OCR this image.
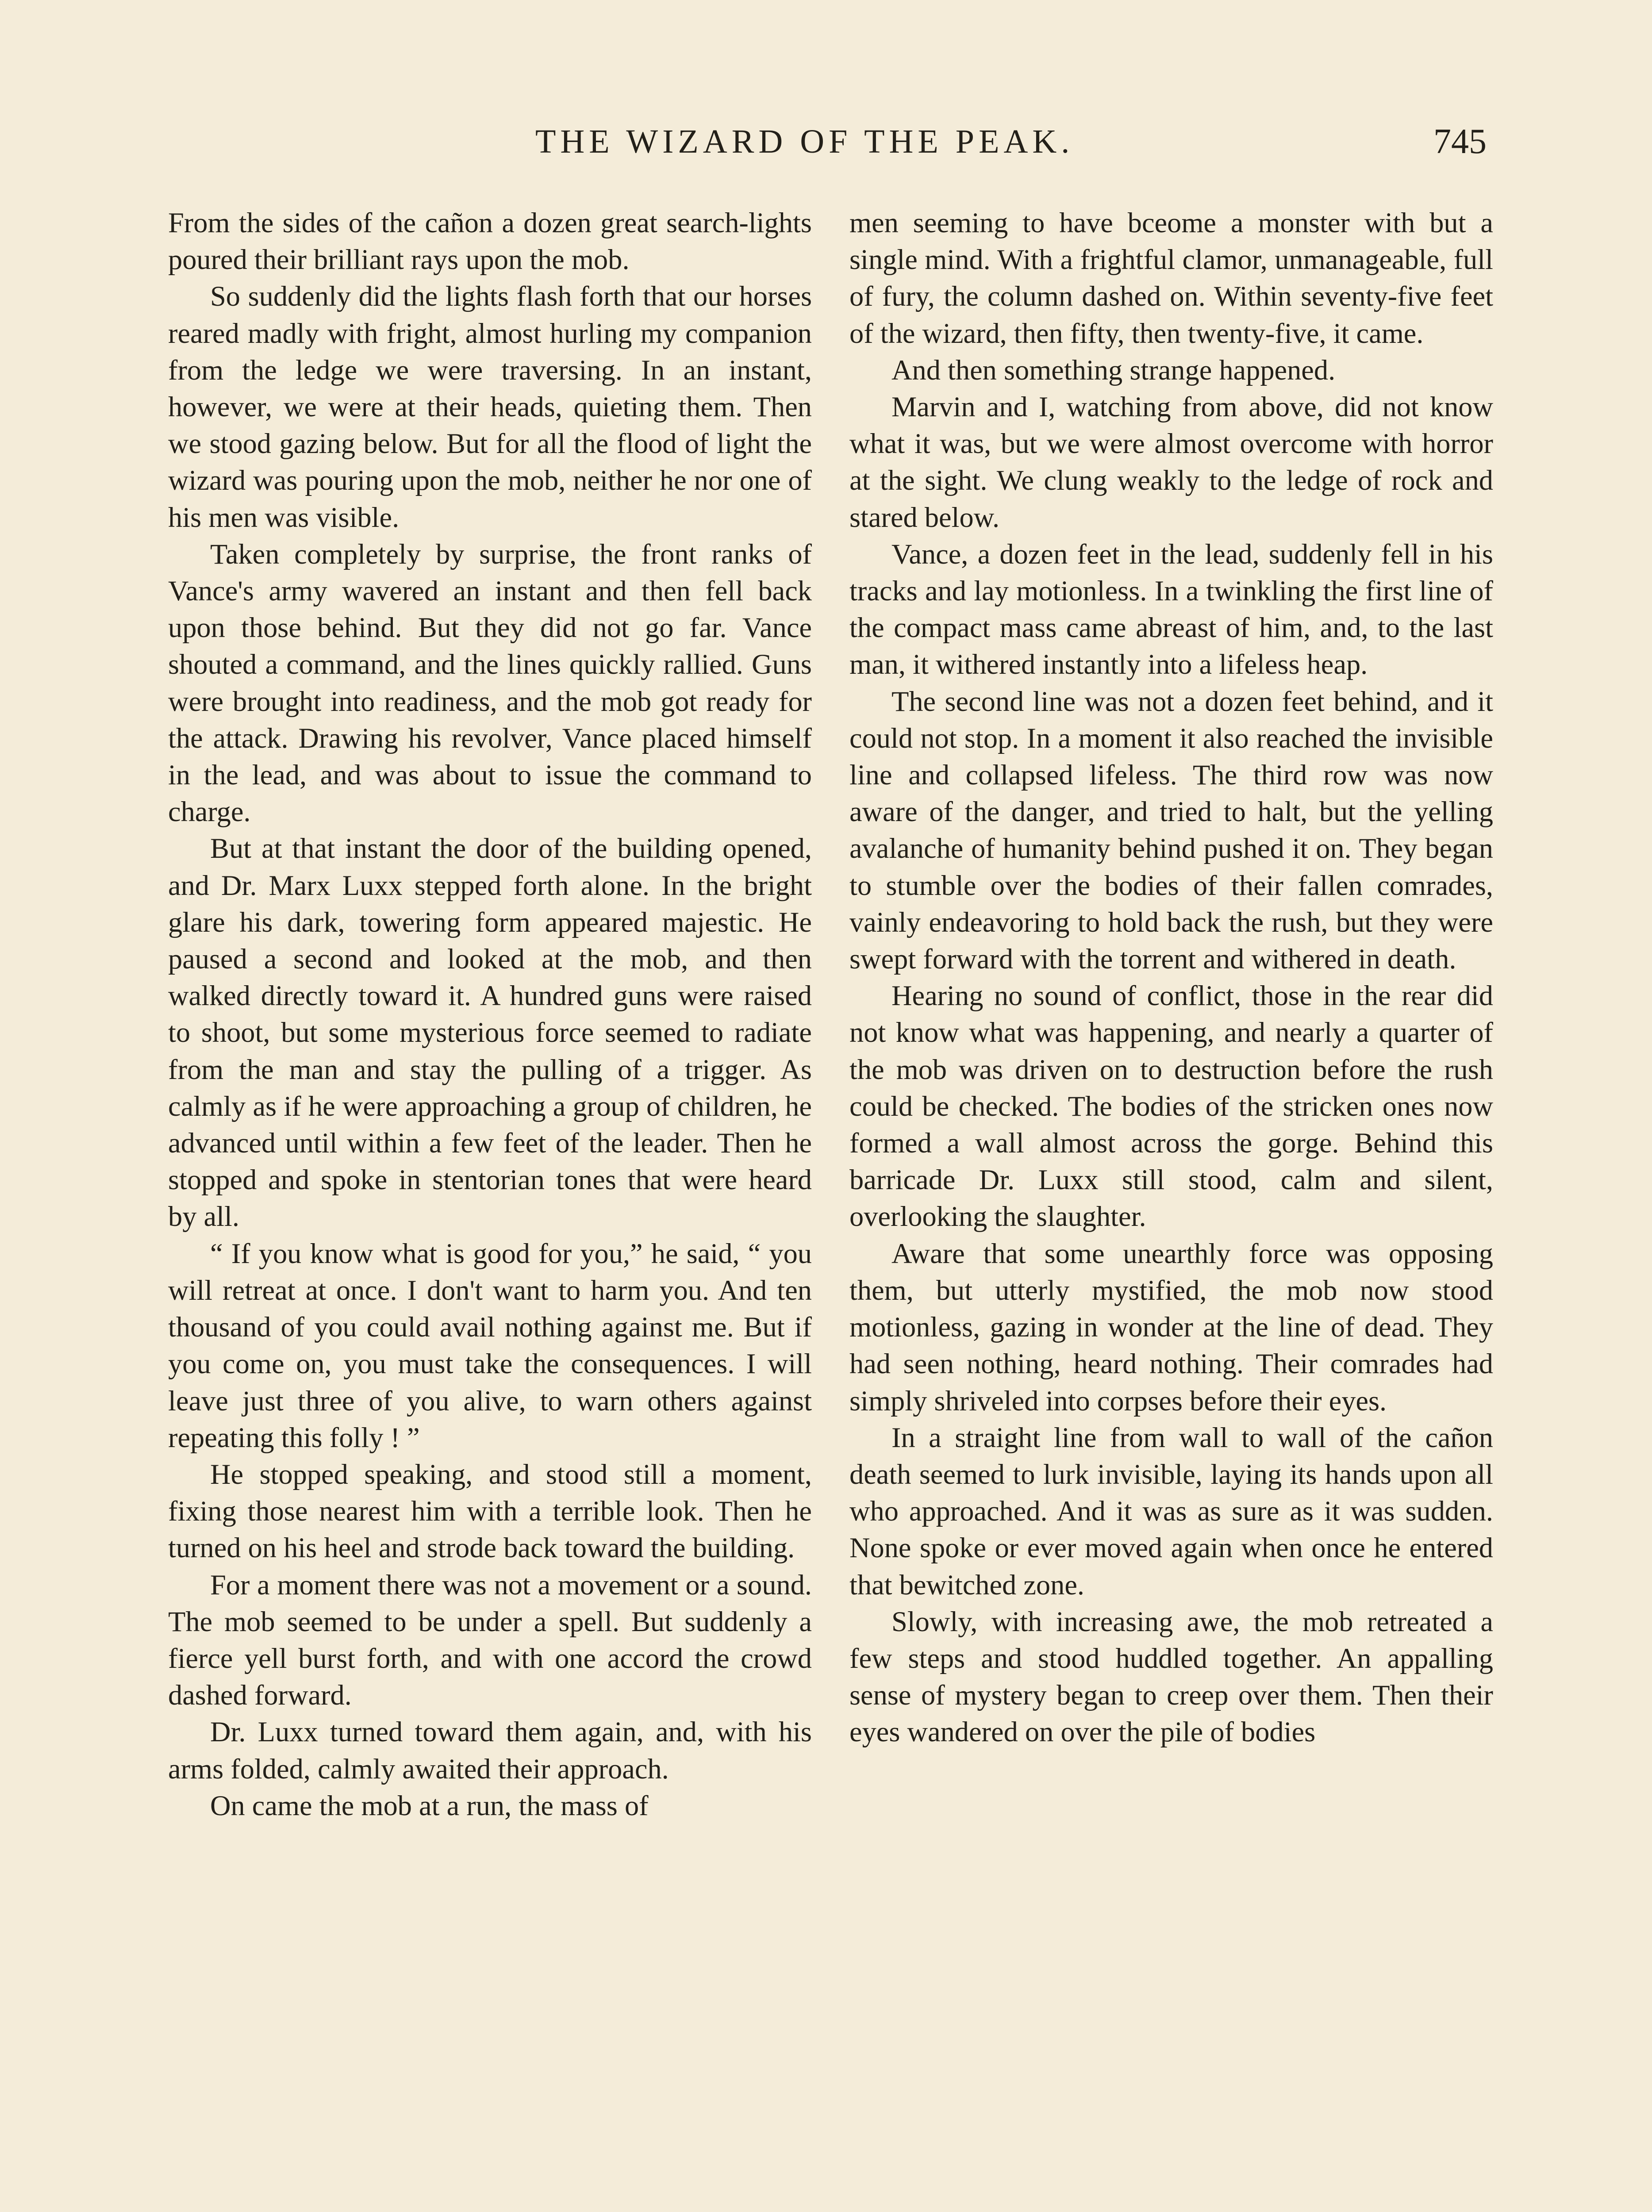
THE WIZARD OF THE PEAK.	745

From the sides of the cañon a dozen great search-lights poured their brilliant rays upon the mob.

So suddenly did the lights flash forth that our horses reared madly with fright, almost hurling my companion from the ledge we were traversing. In an instant, however, we were at their heads, quieting them. Then we stood gazing below. But for all the flood of light the wizard was pouring upon the mob, neither he nor one of his men was visible.

Taken completely by surprise, the front ranks of Vance's army wavered an instant and then fell back upon those behind. But they did not go far. Vance shouted a command, and the lines quickly rallied. Guns were brought into readiness, and the mob got ready for the attack. Drawing his revolver, Vance placed himself in the lead, and was about to issue the command to charge.

But at that instant the door of the building opened, and Dr. Marx Luxx stepped forth alone. In the bright glare his dark, towering form appeared majestic. He paused a second and looked at the mob, and then walked directly toward it. A hundred guns were raised to shoot, but some mysterious force seemed to radiate from the man and stay the pulling of a trigger. As calmly as if he were approaching a group of children, he advanced until within a few feet of the leader. Then he stopped and spoke in stentorian tones that were heard by all.

“ If you know what is good for you,” he said, “ you will retreat at once. I don't want to harm you. And ten thousand of you could avail nothing against me. But if you come on, you must take the consequences. I will leave just three of you alive, to warn others against repeating this folly ! ”

He stopped speaking, and stood still a moment, fixing those nearest him with a terrible look. Then he turned on his heel and strode back toward the building.

For a moment there was not a movement or a sound. The mob seemed to be under a spell. But suddenly a fierce yell burst forth, and with one accord the crowd dashed forward.

Dr. Luxx turned toward them again, and, with his arms folded, calmly awaited their approach.

On came the mob at a run, the mass of

men seeming to have bceome a monster with but a single mind. With a frightful clamor, unmanageable, full of fury, the column dashed on. Within seventy-five feet of the wizard, then fifty, then twenty-five, it came.

And then something strange happened.

Marvin and I, watching from above, did not know what it was, but we were almost overcome with horror at the sight. We clung weakly to the ledge of rock and stared below.

Vance, a dozen feet in the lead, suddenly fell in his tracks and lay motionless. In a twinkling the first line of the compact mass came abreast of him, and, to the last man, it withered instantly into a lifeless heap.

The second line was not a dozen feet behind, and it could not stop. In a moment it also reached the invisible line and collapsed lifeless. The third row was now aware of the danger, and tried to halt, but the yelling avalanche of humanity behind pushed it on. They began to stumble over the bodies of their fallen comrades, vainly endeavoring to hold back the rush, but they were swept forward with the torrent and withered in death.

Hearing no sound of conflict, those in the rear did not know what was happening, and nearly a quarter of the mob was driven on to destruction before the rush could be checked. The bodies of the stricken ones now formed a wall almost across the gorge. Behind this barricade Dr. Luxx still stood, calm and silent, overlooking the slaughter.

Aware that some unearthly force was opposing them, but utterly mystified, the mob now stood motionless, gazing in wonder at the line of dead. They had seen nothing, heard nothing. Their comrades had simply shriveled into corpses before their eyes.

In a straight line from wall to wall of the cañon death seemed to lurk invisible, laying its hands upon all who approached. And it was as sure as it was sudden. None spoke or ever moved again when once he entered that bewitched zone.

Slowly, with increasing awe, the mob retreated a few steps and stood huddled together. An appalling sense of mystery began to creep over them. Then their eyes wandered on over the pile of bodies
